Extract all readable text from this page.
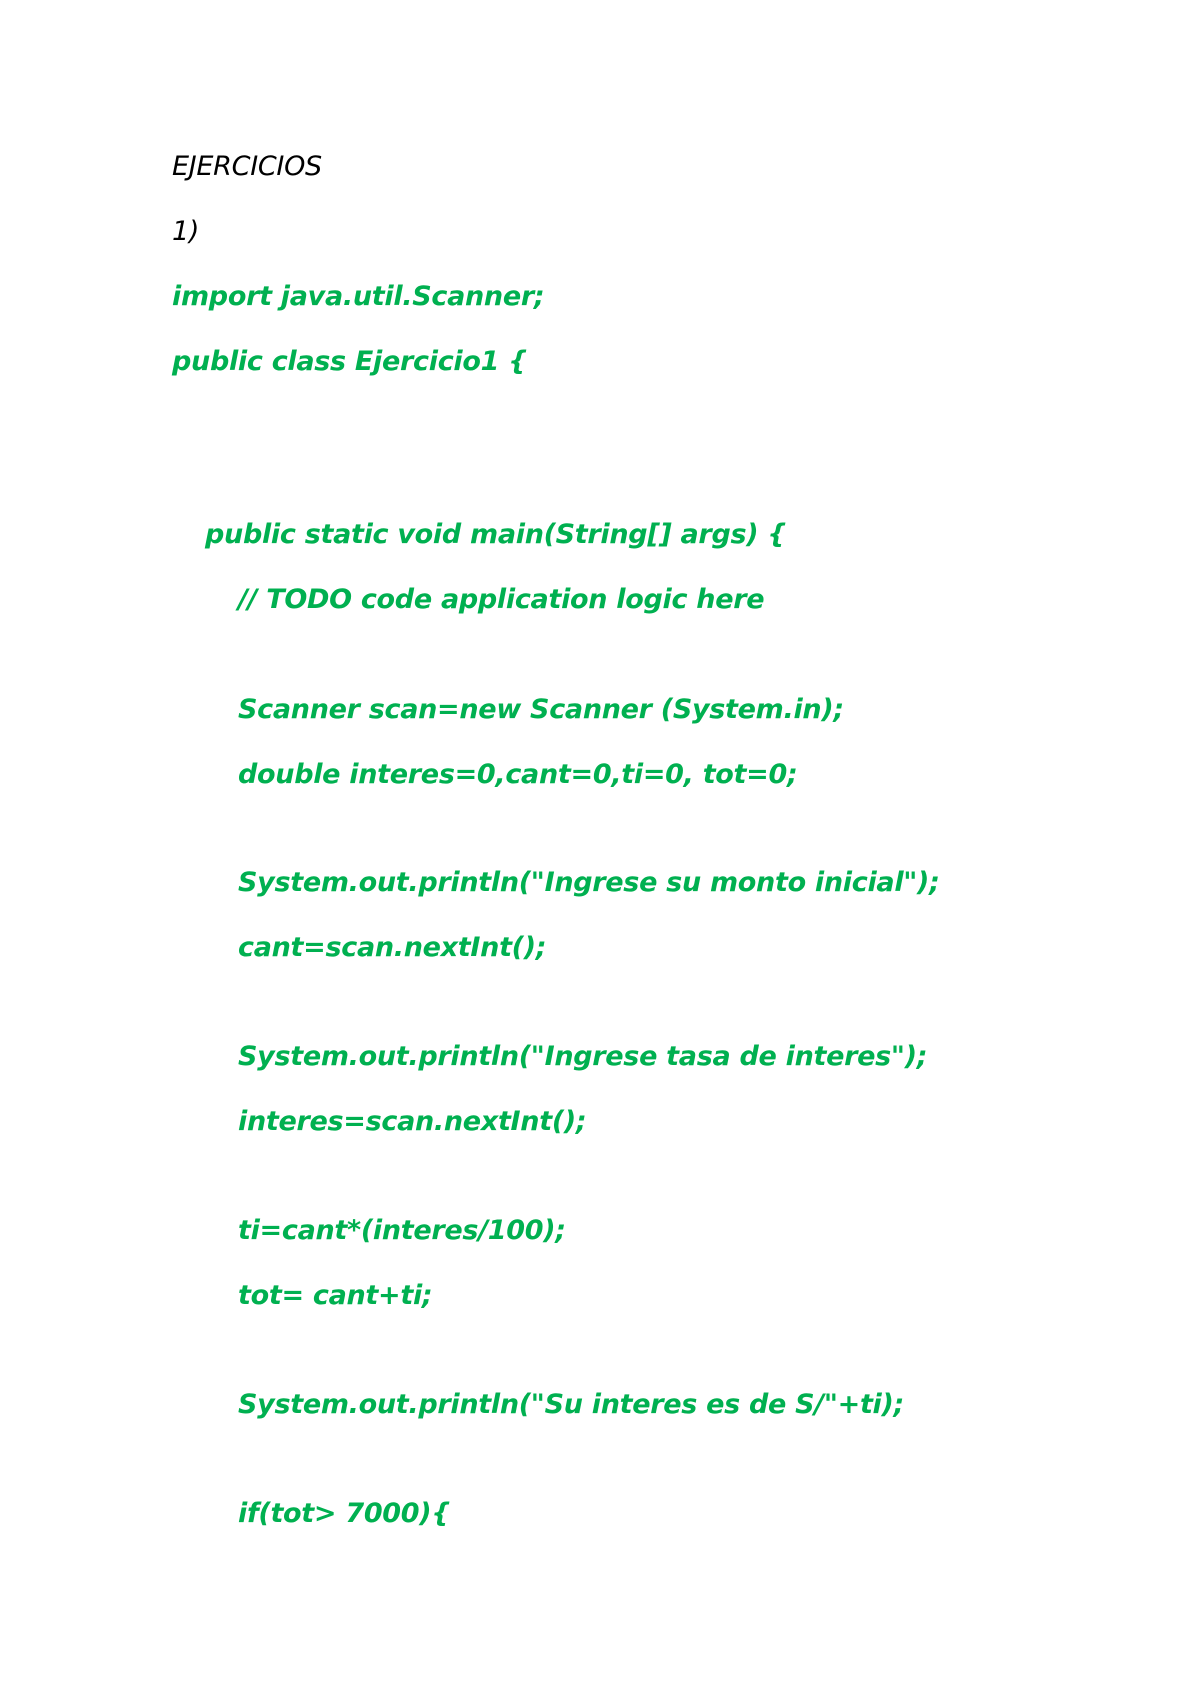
EJERCICIOS
1)
import java.util.Scanner;
public class Ejercicio1 {
public static void main(String[] args) {
// TODO code application logic here
Scanner scan=new Scanner (System.in);
double interes=0,cant=0,ti=0, tot=0;
System.out.println("Ingrese su monto inicial");
cant=scan.nextInt();
System.out.println("Ingrese tasa de interes");
interes=scan.nextInt();
ti=cant*(interes/100);
tot= cant+ti;
System.out.println("Su interes es de S/"+ti);
if(tot> 7000){
